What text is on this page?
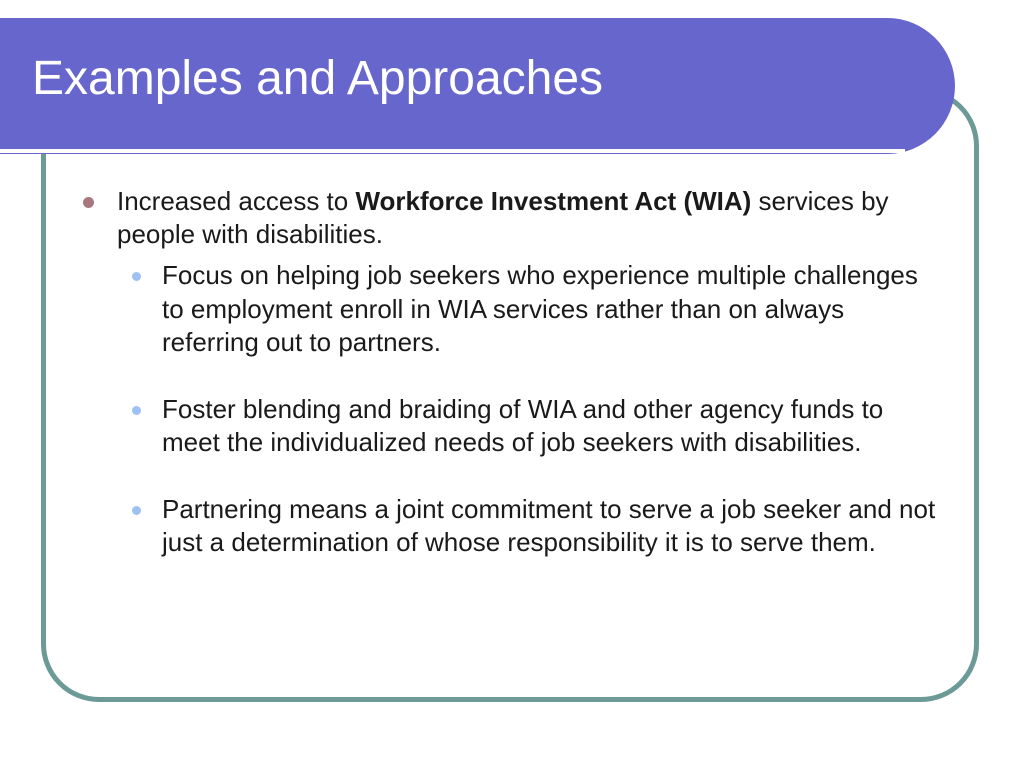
Examples and Approaches
Increased access to Workforce Investment Act (WIA) services by people with disabilities.
Focus on helping job seekers who experience multiple challenges to employment enroll in WIA services rather than on always referring out to partners.
Foster blending and braiding of WIA and other agency funds to meet the individualized needs of job seekers with disabilities.
Partnering means a joint commitment to serve a job seeker and not just a determination of whose responsibility it is to serve them.
